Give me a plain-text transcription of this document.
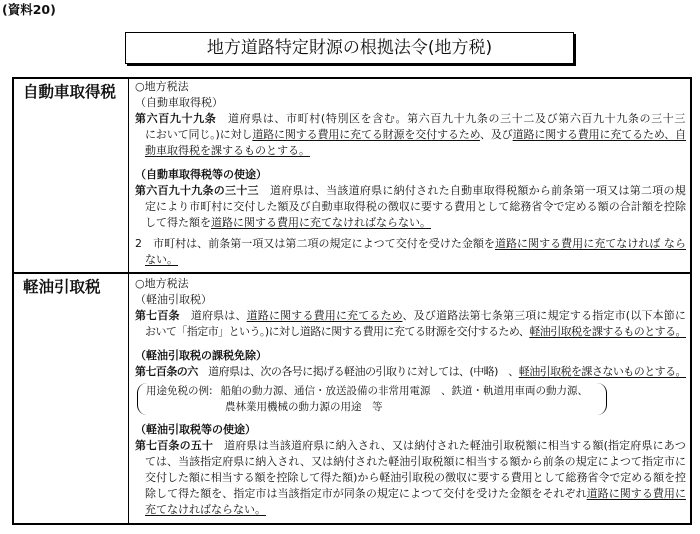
(資料20)
地方道路特定財源の根拠法令(地方税)
自動車取得税	○地方税法
（自動車取得税）
第六百九十九条　道府県は、市町村(特別区を含む。第六百九十九条の三十二及び第六百九十九条の三十三
において同じ。)に対し道路に関する費用に充てる財源を交付するため、及び道路に関する費用に充てるため、自
動車取得税を課するものとする。
（自動車取得税等の使途）
第六百九十九条の三十三　道府県は、当該道府県に納付された自動車取得税額から前条第一項又は第二項の規
定により市町村に交付した額及び自動車取得税の徴収に要する費用として総務省令で定める額の合計額を控除
して得た額を道路に関する費用に充てなければならない。
2　市町村は、前条第一項又は第二項の規定によつて交付を受けた金額を道路に関する費用に充てなければ なら
ない。
軽油引取税	○地方税法
（軽油引取税）
第七百条　道府県は、道路に関する費用に充てるため、及び道路法第七条第三項に規定する指定市(以下本節に
おいて「指定市」という。)に対し道路に関する費用に充てる財源を交付するため、軽油引取税を課するものとする。
（軽油引取税の課税免除）
第七百条の六　道府県は、次の各号に掲げる軽油の引取りに対しては、(中略)　、軽油引取税を課さないものとする。
用途免税の例: 船舶の動力源、通信・放送設備の非常用電源　、鉄道・軌道用車両の動力源、
農林業用機械の動力源の用途　等
（軽油引取税等の使途）
第七百条の五十　道府県は当該道府県に納入され、又は納付された軽油引取税額に相当する額(指定府県にあつ
ては、当該指定府県に納入され、又は納付された軽油引取税額に相当する額から前条の規定によつて指定市に
交付した額に相当する額を控除して得た額)から軽油引取税の徴収に要する費用として総務省令で定める額を控
除して得た額を、指定市は当該指定市が同条の規定によつて交付を受けた金額をそれぞれ道路に関する費用に
充てなければならない。
